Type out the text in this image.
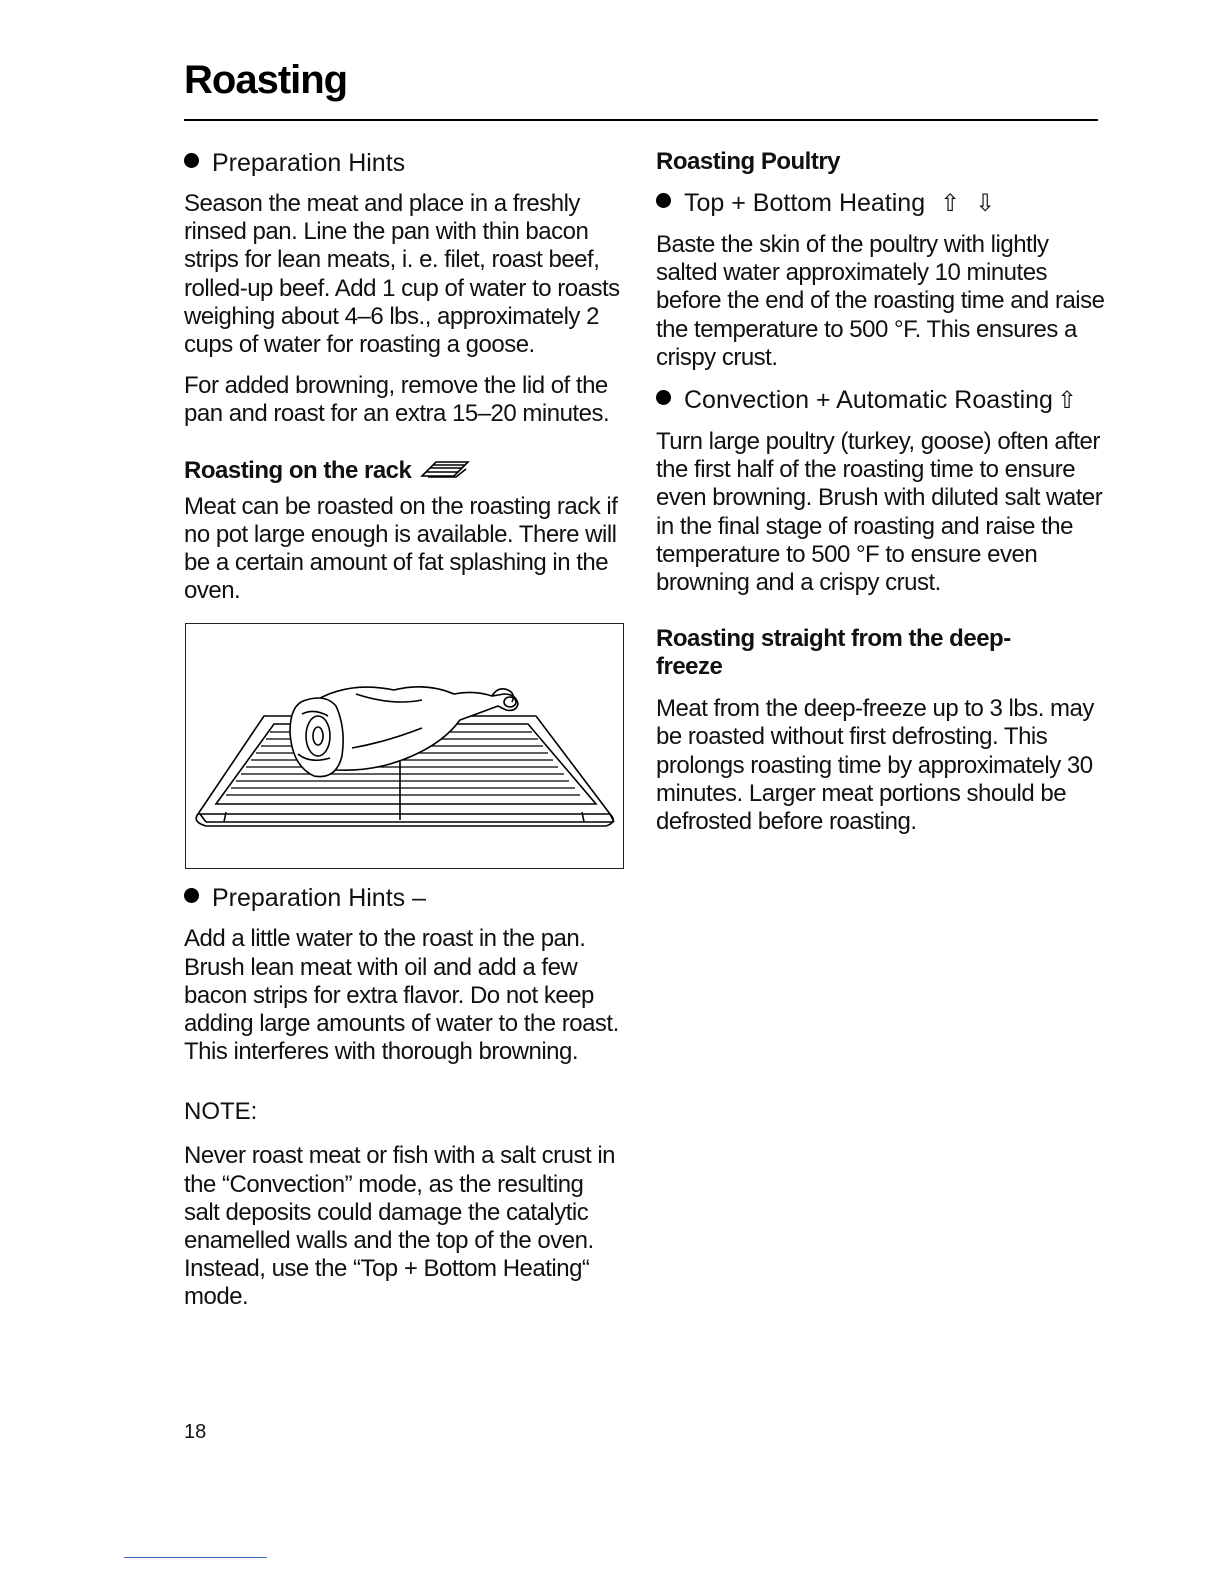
Roasting
Preparation Hints

Season the meat and place in a freshly rinsed pan. Line the pan with thin bacon strips for lean meats, i. e. filet, roast beef, rolled-up beef. Add 1 cup of water to roasts weighing about 4–6 lbs., approximately 2 cups of water for roasting a goose.

For added browning, remove the lid of the pan and roast for an extra 15–20 minutes.

Roasting on the rack

Meat can be roasted on the roasting rack if no pot large enough is available. There will be a certain amount of fat splashing in the oven.

Preparation Hints –

Add a little water to the roast in the pan. Brush lean meat with oil and add a few bacon strips for extra flavor. Do not keep adding large amounts of water to the roast. This interferes with thorough browning.

NOTE:

Never roast meat or fish with a salt crust in the “Convection” mode, as the resulting salt deposits could damage the catalytic enamelled walls and the top of the oven. Instead, use the “Top + Bottom Heating“ mode.

Roasting Poultry
Top + Bottom Heating ⇧ ⇩

Baste the skin of the poultry with lightly salted water approximately 10 minutes before the end of the roasting time and raise the temperature to 500 °F. This ensures a crispy crust.

Convection + Automatic Roasting ⇧

Turn large poultry (turkey, goose) often after the first half of the roasting time to ensure even browning. Brush with diluted salt water in the final stage of roasting and raise the temperature to 500 °F to ensure even browning and a crispy crust.

Roasting straight from the deep-freeze

Meat from the deep-freeze up to 3 lbs. may be roasted without first defrosting. This prolongs roasting time by approximately 30 minutes. Larger meat portions should be defrosted before roasting.

18
